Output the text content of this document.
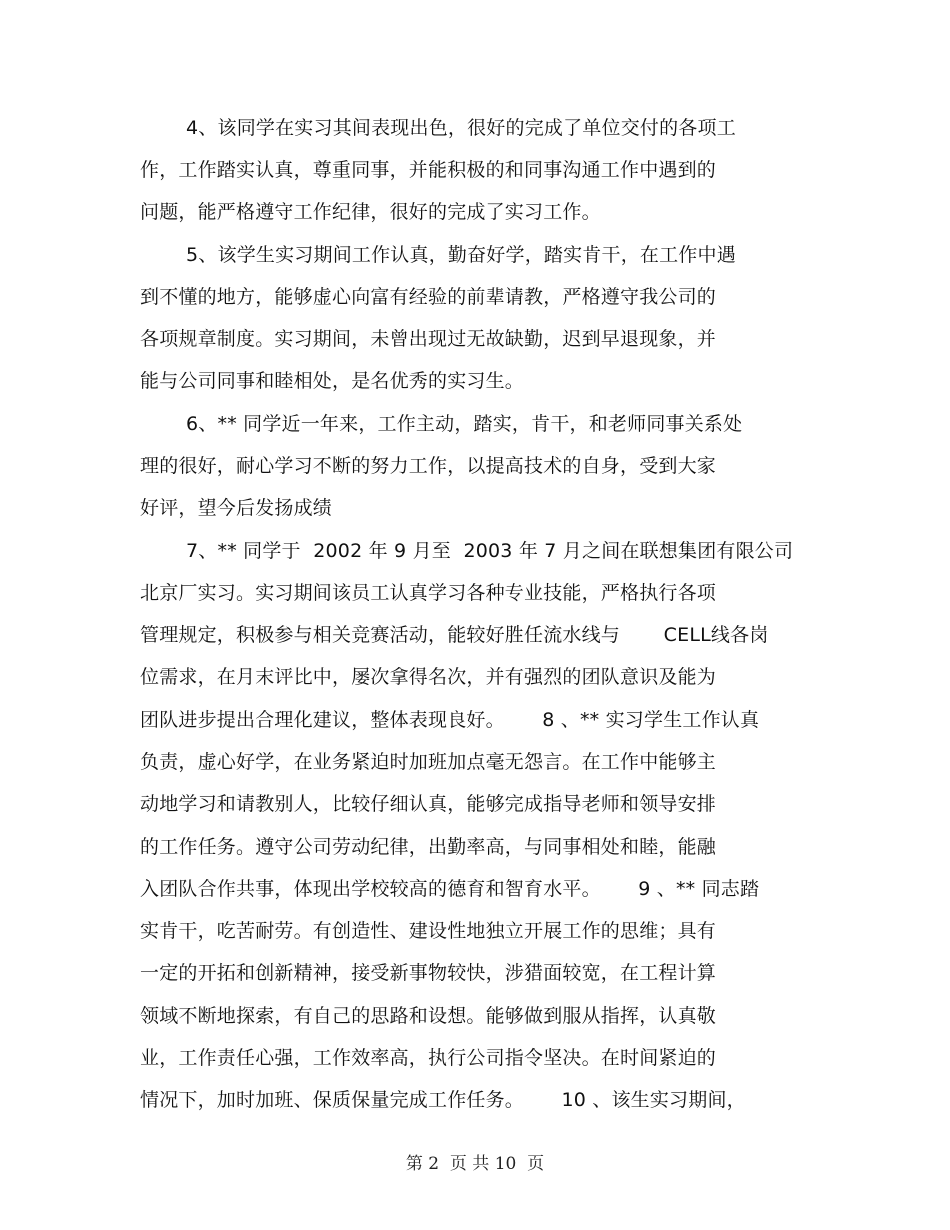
4、该同学在实习其间表现出色，很好的完成了单位交付的各项工
作，工作踏实认真，尊重同事，并能积极的和同事沟通工作中遇到的
问题，能严格遵守工作纪律，很好的完成了实习工作。
5、该学生实习期间工作认真，勤奋好学，踏实肯干，在工作中遇
到不懂的地方，能够虚心向富有经验的前辈请教，严格遵守我公司的
各项规章制度。实习期间，未曾出现过无故缺勤，迟到早退现象，并
能与公司同事和睦相处，是名优秀的实习生。
6、** 同学近一年来，工作主动，踏实，肯干，和老师同事关系处
理的很好，耐心学习不断的努力工作，以提高技术的自身，受到大家
好评，望今后发扬成绩
7、** 同学于  2002 年 9 月至  2003 年 7 月之间在联想集团有限公司
北京厂实习。实习期间该员工认真学习各种专业技能，严格执行各项
管理规定，积极参与相关竞赛活动，能较好胜任流水线与       CELL线各岗
位需求，在月末评比中，屡次拿得名次，并有强烈的团队意识及能为
团队进步提出合理化建议，整体表现良好。      8 、** 实习学生工作认真
负责，虚心好学，在业务紧迫时加班加点毫无怨言。在工作中能够主
动地学习和请教别人，比较仔细认真，能够完成指导老师和领导安排
的工作任务。遵守公司劳动纪律，出勤率高，与同事相处和睦，能融
入团队合作共事，体现出学校较高的德育和智育水平。      9 、** 同志踏
实肯干，吃苦耐劳。有创造性、建设性地独立开展工作的思维；具有
一定的开拓和创新精神，接受新事物较快，涉猎面较宽，在工程计算
领域不断地探索，有自己的思路和设想。能够做到服从指挥，认真敬
业，工作责任心强，工作效率高，执行公司指令坚决。在时间紧迫的
情况下，加时加班、保质保量完成工作任务。      10 、该生实习期间，
第 2  页 共 10  页
